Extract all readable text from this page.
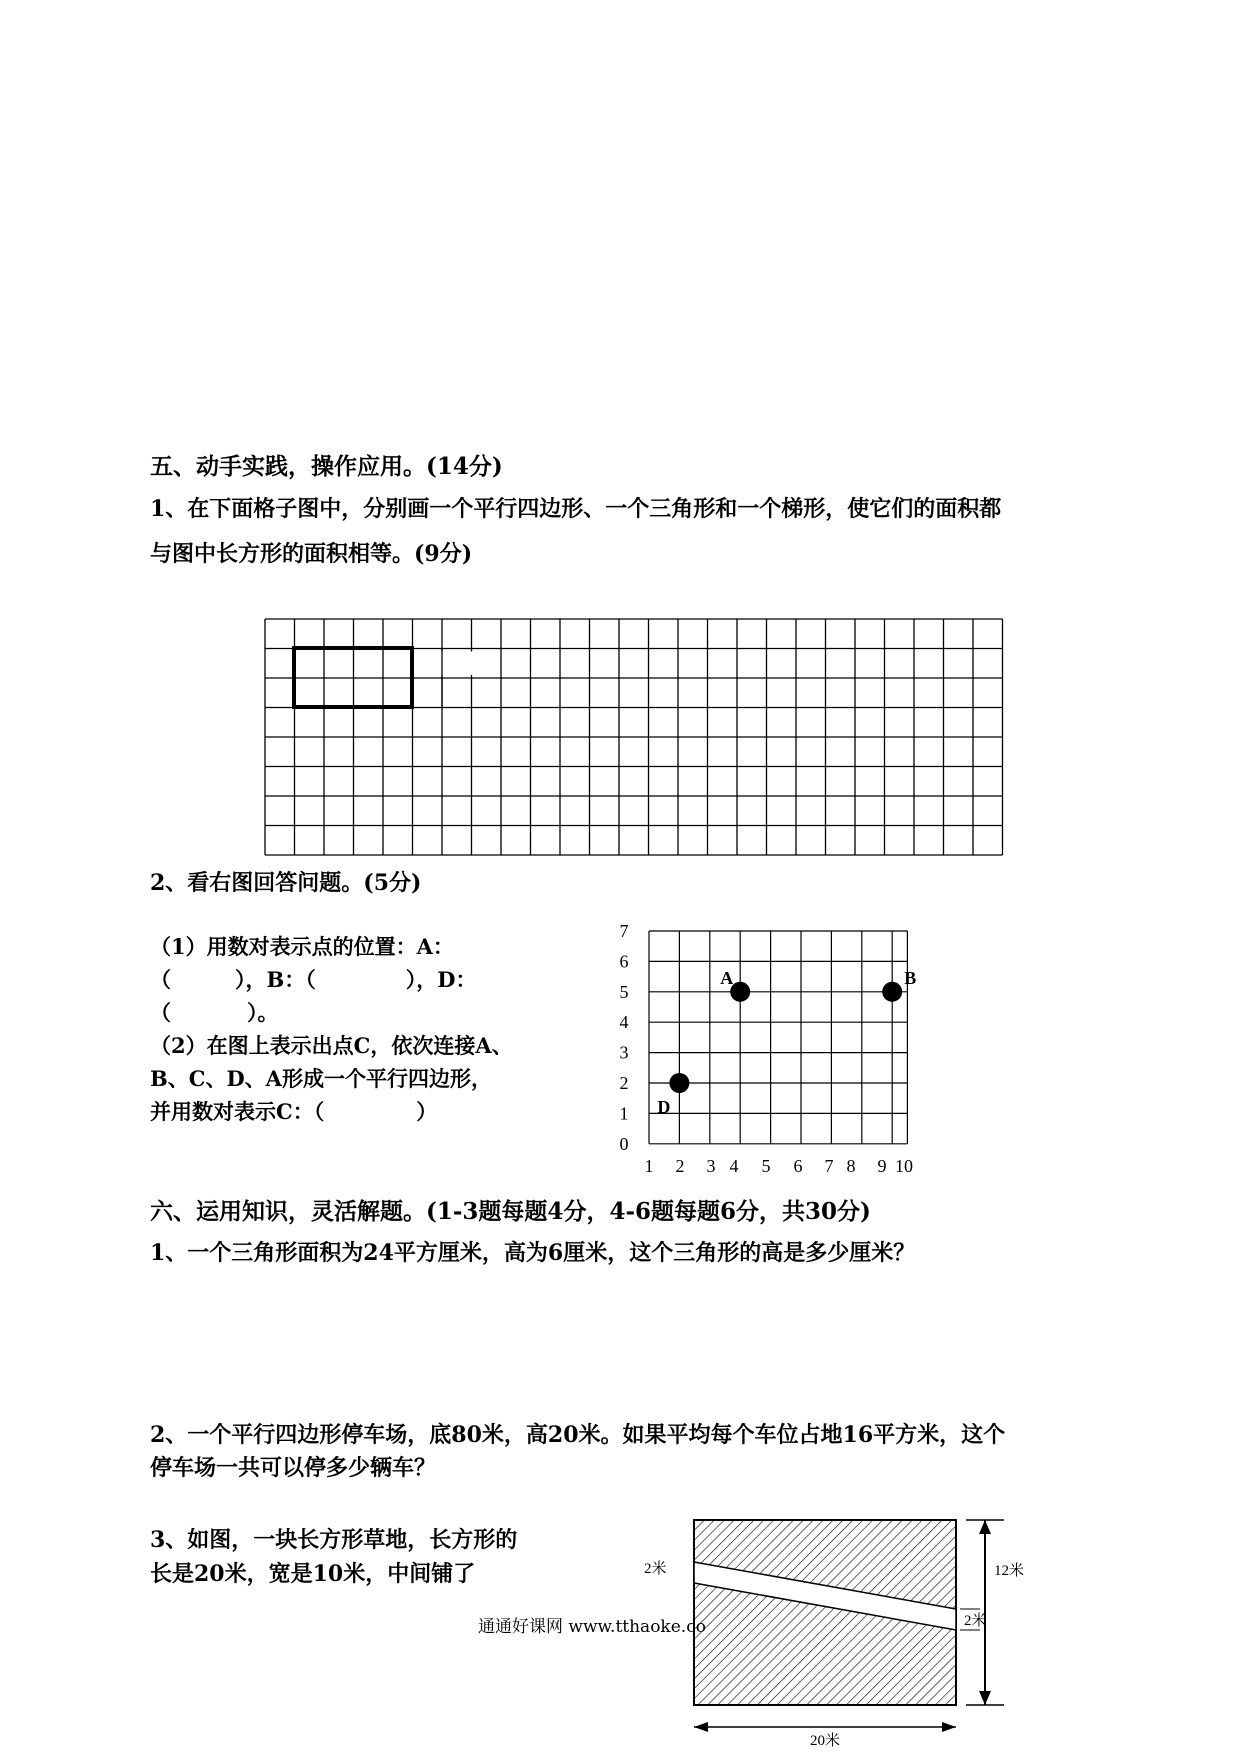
五、动手实践，操作应用。(14分)
1、在下面格子图中，分别画一个平行四边形、一个三角形和一个梯形，使它们的面积都
与图中长方形的面积相等。(9分)
2、看右图回答问题。(5分)
（1）用数对表示点的位置：A：
（	），B：（	），D：
（	）。
（2）在图上表示出点C，依次连接A、
B、C、D、A形成一个平行四边形，
并用数对表示C：（	）
0
1
2
3
4
5
6
7
1 2 3 4 5 6 7 8 9 10
A	B
D
六、运用知识，灵活解题。(1-3题每题4分，4-6题每题6分，共30分)
1、一个三角形面积为24平方厘米，高为6厘米，这个三角形的高是多少厘米？
2、一个平行四边形停车场，底80米，高20米。如果平均每个车位占地16平方米，这个
停车场一共可以停多少辆车？
3、如图，一块长方形草地，长方形的
长是20米，宽是10米，中间铺了	2米	12米
2米
20米
通通好课网 www.tthaoke.co
